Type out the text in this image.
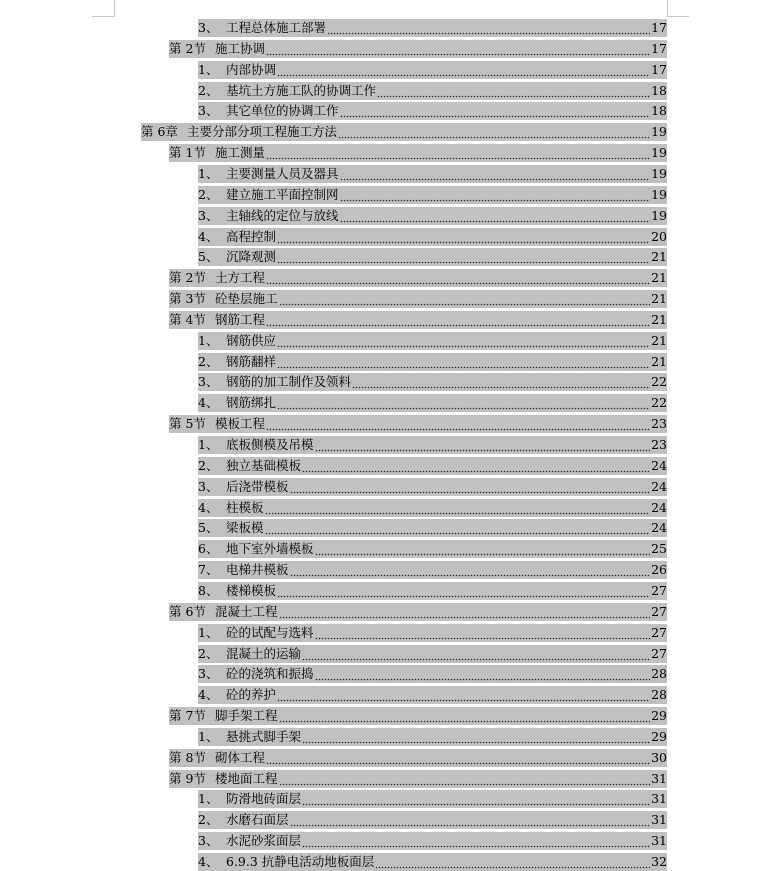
3、 工程总体施工部署	17
第 2节 施工协调	17
1、 内部协调	17
2、 基坑土方施工队的协调工作	18
3、 其它单位的协调工作	18
第 6章 主要分部分项工程施工方法	19
第 1节 施工测量	19
1、 主要测量人员及器具	19
2、 建立施工平面控制网	19
3、 主轴线的定位与放线	19
4、 高程控制	20
5、 沉降观测	21
第 2节 土方工程	21
第 3节 砼垫层施工	21
第 4节 钢筋工程	21
1、 钢筋供应	21
2、 钢筋翻样	21
3、 钢筋的加工制作及领料	22
4、 钢筋绑扎	22
第 5节 模板工程	23
1、 底板侧模及吊模	23
2、 独立基础模板	24
3、 后浇带模板	24
4、 柱模板	24
5、 梁板模	24
6、 地下室外墙模板	25
7、 电梯井模板	26
8、 楼梯模板	27
第 6节 混凝土工程	27
1、 砼的试配与选料	27
2、 混凝土的运输	27
3、 砼的浇筑和振捣	28
4、 砼的养护	28
第 7节 脚手架工程	29
1、 悬挑式脚手架	29
第 8节 砌体工程	30
第 9节 楼地面工程	31
1、 防滑地砖面层	31
2、 水磨石面层	31
3、 水泥砂浆面层	31
4、 6.9.3 抗静电活动地板面层	32
